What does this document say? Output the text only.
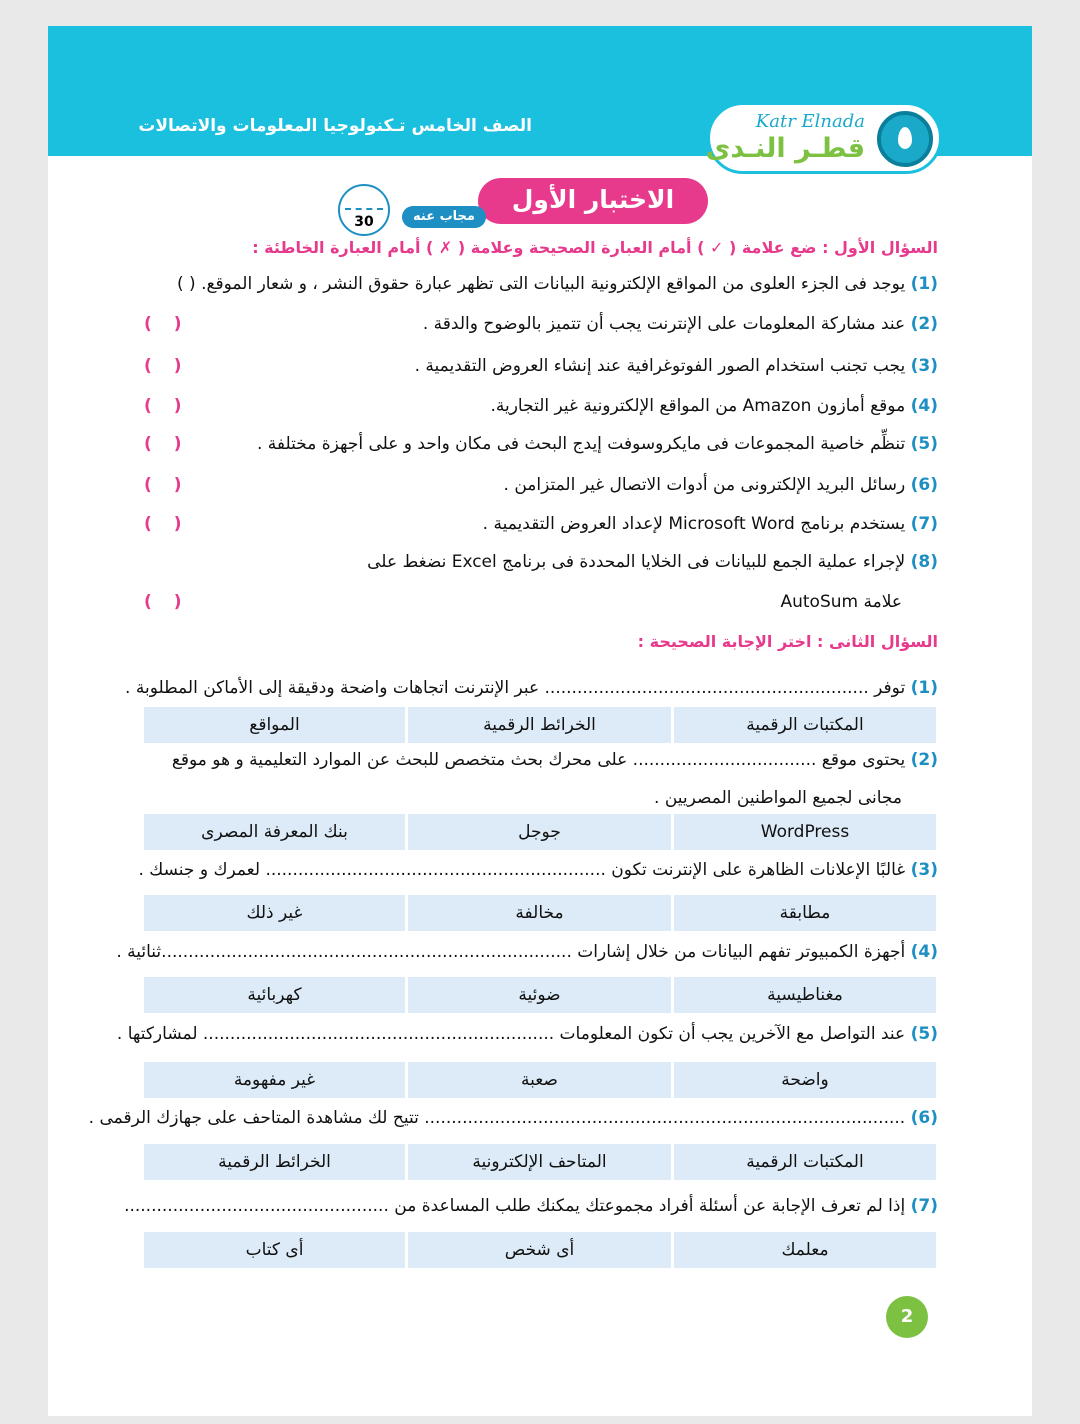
الصف الخامس تـكنولوجيا المعلومات والاتصالات	Katr Elnada
قطـر النـدى
الاختبار الأول
مجاب عنه
30
السؤال الأول : ضع علامة ( ✓ ) أمام العبارة الصحيحة وعلامة ( ✗ ) أمام العبارة الخاطئة :
(1) يوجد فى الجزء العلوى من المواقع الإلكترونية البيانات التى تظهر عبارة حقوق النشر ، و شعار الموقع. ( )
(2) عند مشاركة المعلومات على الإنترنت يجب أن تتميز بالوضوح والدقة .
( )
(3) يجب تجنب استخدام الصور الفوتوغرافية عند إنشاء العروض التقديمية .
( )
(4) موقع أمازون Amazon من المواقع الإلكترونية غير التجارية.
( )
(5) تنظِّم خاصية المجموعات فى مايكروسوفت إيدج البحث فى مكان واحد و على أجهزة مختلفة .
( )
(6) رسائل البريد الإلكترونى من أدوات الاتصال غير المتزامن .
( )
(7) يستخدم برنامج Microsoft Word لإعداد العروض التقديمية .
( )
(8) لإجراء عملية الجمع للبيانات فى الخلايا المحددة فى برنامج Excel نضغط على
علامة AutoSum
( )
السؤال الثانى : اختر الإجابة الصحيحة :
(1) توفر ............................................................ عبر الإنترنت اتجاهات واضحة ودقيقة إلى الأماكن المطلوبة .
المكتبات الرقمية
الخرائط الرقمية
المواقع
(2) يحتوى موقع .................................. على محرك بحث متخصص للبحث عن الموارد التعليمية و هو موقع
مجانى لجميع المواطنين المصريين .
WordPress
جوجل
بنك المعرفة المصرى
(3) غالبًا الإعلانات الظاهرة على الإنترنت تكون ............................................................... لعمرك و جنسك .
مطابقة
مخالفة
غير ذلك
(4) أجهزة الكمبيوتر تفهم البيانات من خلال إشارات ............................................................................ثنائية .
مغناطيسية
ضوئية
كهربائية
(5) عند التواصل مع الآخرين يجب أن تكون المعلومات ................................................................. لمشاركتها .
واضحة
صعبة
غير مفهومة
(6) ......................................................................................... تتيح لك مشاهدة المتاحف على جهازك الرقمى .
المكتبات الرقمية
المتاحف الإلكترونية
الخرائط الرقمية
(7) إذا لم تعرف الإجابة عن أسئلة أفراد مجموعتك يمكنك طلب المساعدة من .................................................
معلمك
أى شخص
أى كتاب
2
